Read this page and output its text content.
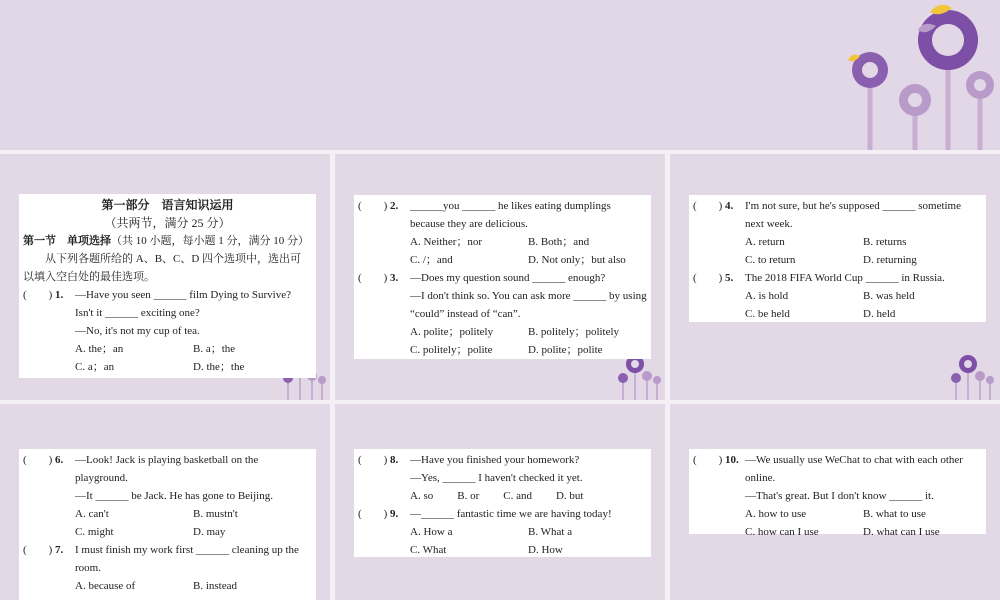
第一部分　语言知识运用
（共两节，满分 25 分）
第一节　单项选择（共 10 小题，每小题 1 分，满分 10 分）
从下列各题所给的 A、B、C、D 四个选项中，选出可以填入空白处的最佳选项。
(　　) 1. —Have you seen ______ film Dying to Survive? Isn't it ______ exciting one?
—No, it's not my cup of tea.
A. the；an	B. a；the
C. a；an	D. the；the
(　　) 2. ______you ______ he likes eating dumplings because they are delicious.
A. Neither；nor	B. Both；and
C. /；and	D. Not only；but also
(　　) 3. —Does my question sound ______ enough?
—I don't think so. You can ask more ______ by using “could” instead of “can”.
A. polite；politely	B. politely；politely
C. politely；polite	D. polite；polite
(　　) 4. I'm not sure, but he's supposed ______ sometime next week.
A. return	B. returns
C. to return	D. returning
(　　) 5. The 2018 FIFA World Cup ______ in Russia.
A. is hold	B. was held
C. be held	D. held
(　　) 6. —Look! Jack is playing basketball on the playground.
—It ______ be Jack. He has gone to Beijing.
A. can't	B. mustn't
C. might	D. may
(　　) 7. I must finish my work first ______ cleaning up the room.
A. because of	B. instead
(　　) 8. —Have you finished your homework?
—Yes, ______ I haven't checked it yet.
A. so B. or C. and D. but
(　　) 9. —______ fantastic time we are having today!
A. How a	B. What a
C. What	D. How
(　　) 10. —We usually use WeChat to chat with each other online.
—That's great. But I don't know ______ it.
A. how to use	B. what to use
C. how can I use	D. what can I use
